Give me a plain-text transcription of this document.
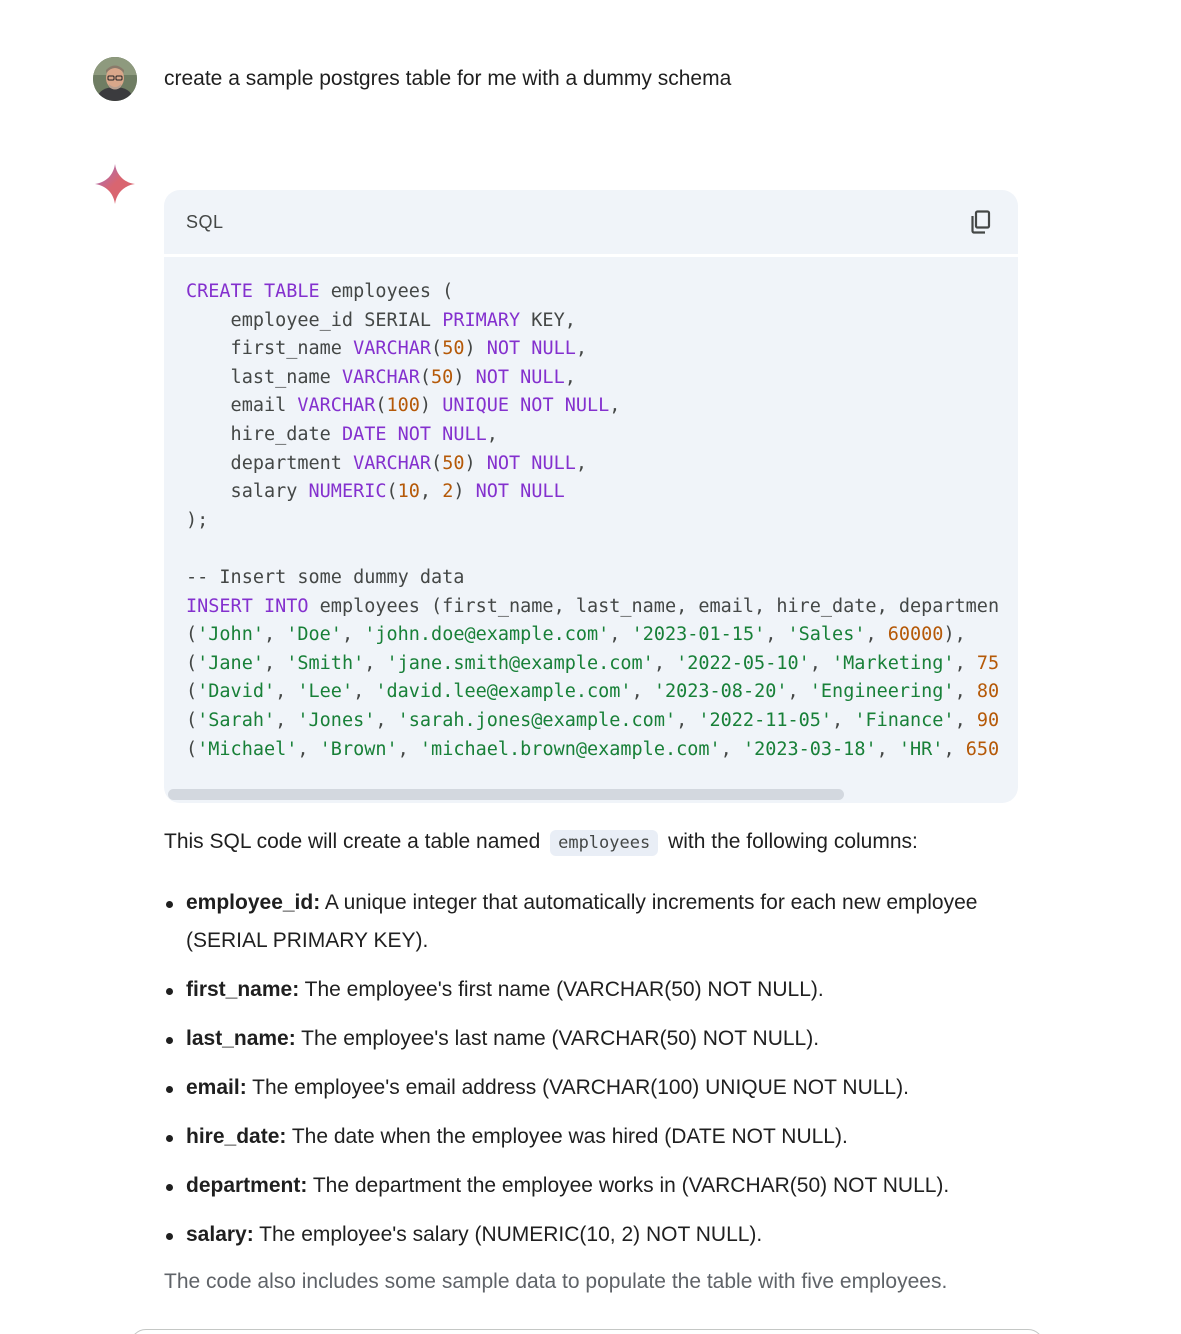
create a sample postgres table for me with a dummy schema
SQL
CREATE TABLE employees (
employee_id SERIAL PRIMARY KEY,
first_name VARCHAR(50) NOT NULL,
last_name VARCHAR(50) NOT NULL,
email VARCHAR(100) UNIQUE NOT NULL,
hire_date DATE NOT NULL,
department VARCHAR(50) NOT NULL,
salary NUMERIC(10, 2) NOT NULL
);

-- Insert some dummy data
INSERT INTO employees (first_name, last_name, email, hire_date, departmen
('John', 'Doe', 'john.doe@example.com', '2023-01-15', 'Sales', 60000),
('Jane', 'Smith', 'jane.smith@example.com', '2022-05-10', 'Marketing', 75
('David', 'Lee', 'david.lee@example.com', '2023-08-20', 'Engineering', 80
('Sarah', 'Jones', 'sarah.jones@example.com', '2022-11-05', 'Finance', 90
('Michael', 'Brown', 'michael.brown@example.com', '2023-03-18', 'HR', 650
This SQL code will create a table named employees with the following columns:
employee_id: A unique integer that automatically increments for each new employee (SERIAL PRIMARY KEY).
first_name: The employee's first name (VARCHAR(50) NOT NULL).
last_name: The employee's last name (VARCHAR(50) NOT NULL).
email: The employee's email address (VARCHAR(100) UNIQUE NOT NULL).
hire_date: The date when the employee was hired (DATE NOT NULL).
department: The department the employee works in (VARCHAR(50) NOT NULL).
salary: The employee's salary (NUMERIC(10, 2) NOT NULL).
The code also includes some sample data to populate the table with five employees.
